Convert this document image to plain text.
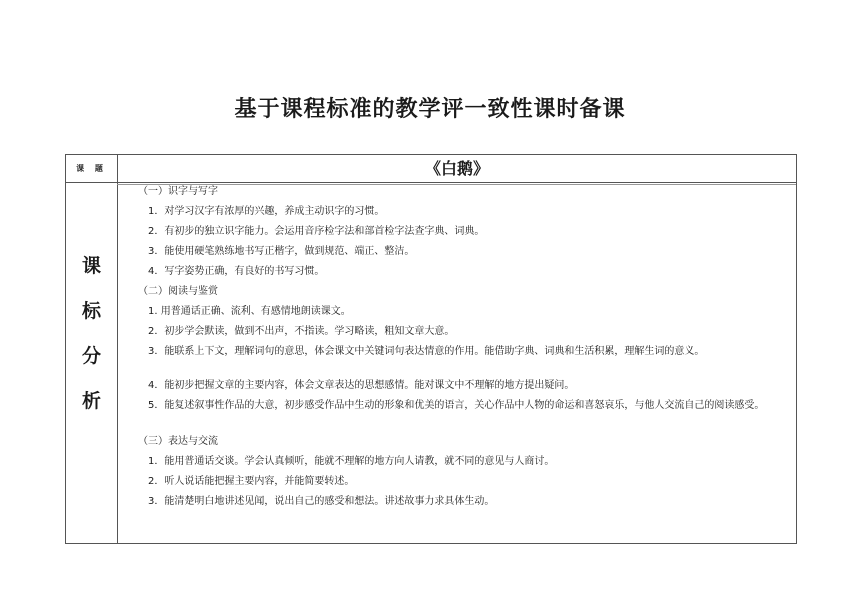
基于课程标准的教学评一致性课时备课
课 题	《白鹅》
课
标
分
析
（一）识字与写字
1．对学习汉字有浓厚的兴趣，养成主动识字的习惯。
2．有初步的独立识字能力。会运用音序检字法和部首检字法查字典、词典。
3．能使用硬笔熟练地书写正楷字，做到规范、端正、整洁。
4．写字姿势正确，有良好的书写习惯。
（二）阅读与鉴赏
1. 用普通话正确、流利、有感情地朗读课文。
2．初步学会默读，做到不出声，不指读。学习略读，粗知文章大意。
3．能联系上下文，理解词句的意思，体会课文中关键词句表达情意的作用。能借助字典、词典和生活积累，理解生词的意义。
4．能初步把握文章的主要内容，体会文章表达的思想感情。能对课文中不理解的地方提出疑问。
5．能复述叙事性作品的大意，初步感受作品中生动的形象和优美的语言，关心作品中人物的命运和喜怒哀乐，与他人交流自己的阅读感受。
（三）表达与交流
1．能用普通话交谈。学会认真倾听，能就不理解的地方向人请教，就不同的意见与人商讨。
2．听人说话能把握主要内容，并能简要转述。
3．能清楚明白地讲述见闻，说出自己的感受和想法。讲述故事力求具体生动。
